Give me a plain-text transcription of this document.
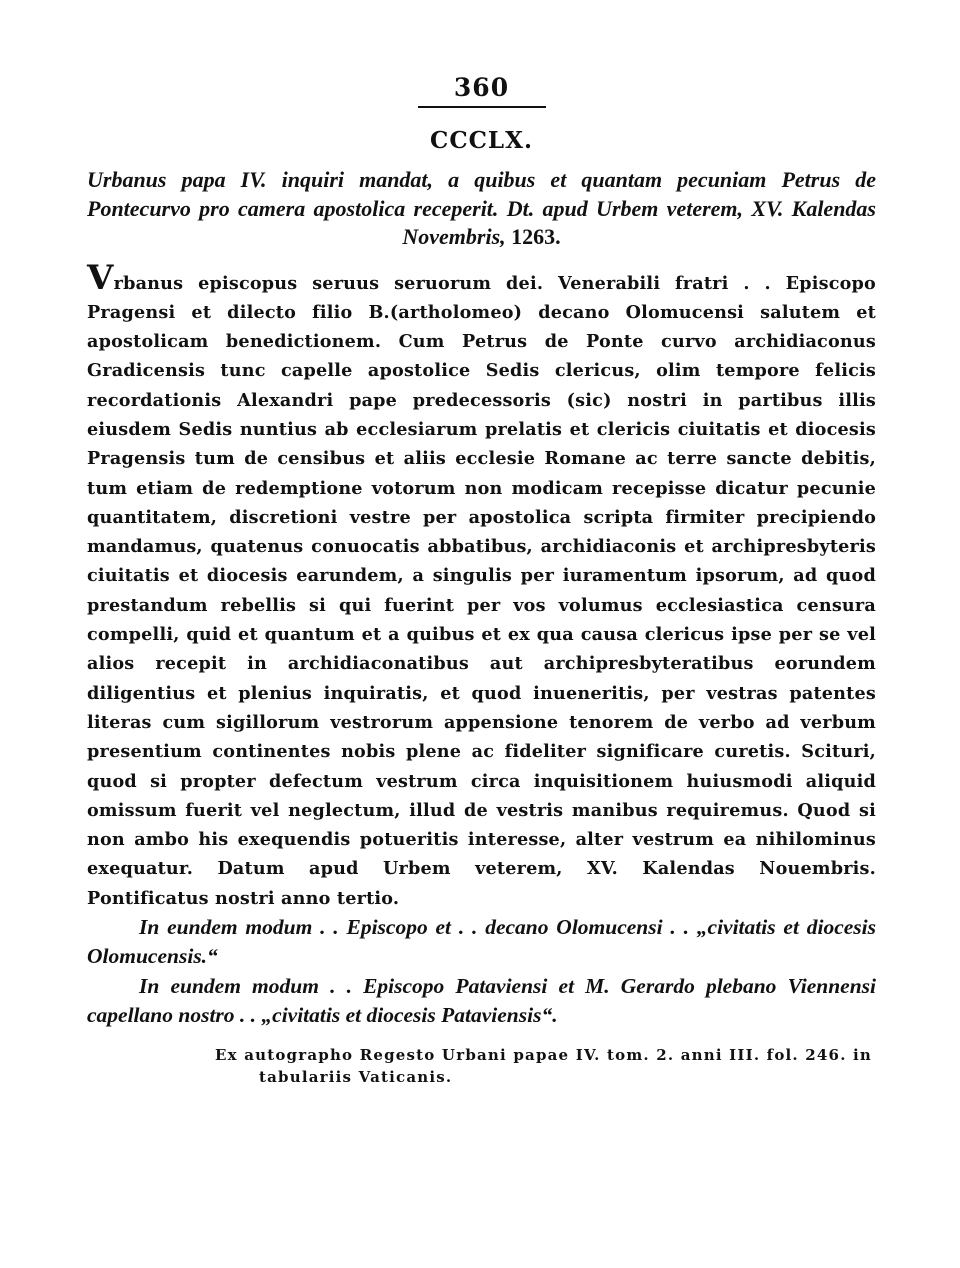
360
CCCLX.

Urbanus papa IV. inquiri mandat, a quibus et quantam pecuniam Petrus de Pontecurvo pro camera apostolica receperit. Dt. apud Urbem veterem, XV. Kalendas Novembris, 1263.

Vrbanus episcopus seruus seruorum dei. Venerabili fratri . . Episcopo Pragensi et dilecto filio B.(artholomeo) decano Olomucensi salutem et apostolicam benedictionem. Cum Petrus de Ponte curvo archidiaconus Gradicensis tunc capelle apostolice Sedis clericus, olim tempore felicis recordationis Alexandri pape predecessoris (sic) nostri in partibus illis eiusdem Sedis nuntius ab ecclesiarum prelatis et clericis ciuitatis et diocesis Pragensis tum de censibus et aliis ecclesie Romane ac terre sancte debitis, tum etiam de redemptione votorum non modicam recepisse dicatur pecunie quantitatem, discretioni vestre per apostolica scripta firmiter precipiendo mandamus, quatenus conuocatis abbatibus, archidiaconis et archipresbyteris ciuitatis et diocesis earundem, a singulis per iuramentum ipsorum, ad quod prestandum rebellis si qui fuerint per vos volumus ecclesiastica censura compelli, quid et quantum et a quibus et ex qua causa clericus ipse per se vel alios recepit in archidiaconatibus aut archipresbyteratibus eorundem diligentius et plenius inquiratis, et quod inueneritis, per vestras patentes literas cum sigillorum vestrorum appensione tenorem de verbo ad verbum presentium continentes nobis plene ac fideliter significare curetis. Scituri, quod si propter defectum vestrum circa inquisitionem huiusmodi aliquid omissum fuerit vel neglectum, illud de vestris manibus requiremus. Quod si non ambo his exequendis potueritis interesse, alter vestrum ea nihilominus exequatur. Datum apud Urbem veterem, XV. Kalendas Nouembris. Pontificatus nostri anno tertio.

In eundem modum . . Episcopo et . . decano Olomucensi . . „civitatis et diocesis Olomucensis.“

In eundem modum . . Episcopo Pataviensi et M. Gerardo plebano Viennensi capellano nostro . . „civitatis et diocesis Pataviensis“.

Ex autographo Regesto Urbani papae IV. tom. 2. anni III. fol. 246. in
tabulariis Vaticanis.
